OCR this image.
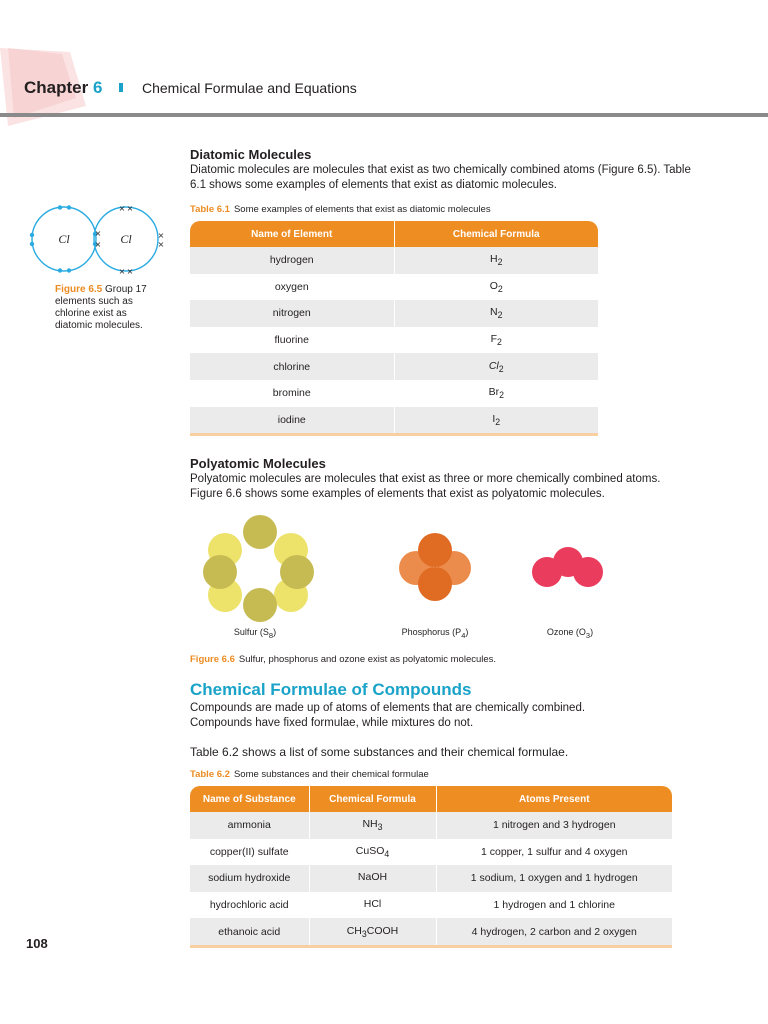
Chapter 6	Chemical Formulae and Equations
Diatomic Molecules
Diatomic molecules are molecules that exist as two chemically combined atoms (Figure 6.5). Table 6.1 shows some examples of elements that exist as diatomic molecules.
Cl	Cl
× ×
× ×
×
×
×
×
Figure 6.5 Group 17 elements such as chlorine exist as diatomic molecules.
Table 6.1 Some examples of elements that exist as diatomic molecules
Name of Element	Chemical Formula
hydrogen	$H_2$
oxygen	$O_2$
nitrogen	$N_2$
fluorine	$F_2$
chlorine	$Cl_2$
bromine	$Br_2$
iodine	$I_2$
Polyatomic Molecules
Polyatomic molecules are molecules that exist as three or more chemically combined atoms. Figure 6.6 shows some examples of elements that exist as polyatomic molecules.
Sulfur $(S_8)$	Phosphorus $(P_4)$	Ozone $(O_3)$
Figure 6.6 Sulfur, phosphorus and ozone exist as polyatomic molecules.
Chemical Formulae of Compounds
Compounds are made up of atoms of elements that are chemically combined.
Compounds have fixed formulae, while mixtures do not.
Table 6.2 shows a list of some substances and their chemical formulae.
Table 6.2 Some substances and their chemical formulae
Name of Substance	Chemical Formula	Atoms Present
ammonia	$NH_3$	1 nitrogen and 3 hydrogen
copper(II) sulfate	CuSO$_4$	1 copper, 1 sulfur and 4 oxygen
sodium hydroxide	NaOH	1 sodium, 1 oxygen and 1 hydrogen
hydrochloric acid	HCl	1 hydrogen and 1 chlorine
ethanoic acid	$CH_3COOH$	4 hydrogen, 2 carbon and 2 oxygen
108
